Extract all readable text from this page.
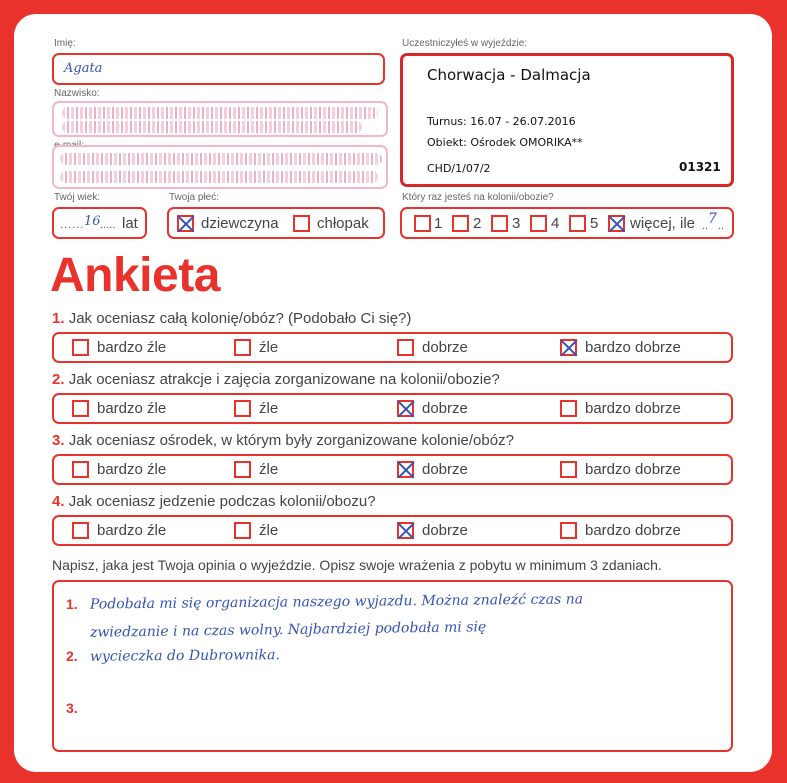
Imię:
Agata
Nazwisko:
Twój wiek:
...... 16 ..... lat
Twoja płeć:
dziewczyna	chłopak
Uczestniczyłeś w wyjeździe:
Chorwacja - Dalmacja
Turnus: 16.07 - 26.07.2016
Obiekt: Ośrodek OMORIKA**
CHD/1/07/2	01321
Który raz jesteś na kolonii/obozie?
1 2 3 4 5 więcej, ile .. 7 ..
Ankieta
1. Jak oceniasz całą kolonię/obóz? (Podobało Ci się?)
bardzo źle	źle	dobrze	bardzo dobrze
2. Jak oceniasz atrakcje i zajęcia zorganizowane na kolonii/obozie?
bardzo źle	źle	dobrze	bardzo dobrze
3. Jak oceniasz ośrodek, w którym były zorganizowane kolonie/obóz?
bardzo źle	źle	dobrze	bardzo dobrze
4. Jak oceniasz jedzenie podczas kolonii/obozu?
bardzo źle	źle	dobrze	bardzo dobrze
Napisz, jaka jest Twoja opinia o wyjeździe. Opisz swoje wrażenia z pobytu w minimum 3 zdaniach.
1.
2.
3.
Podobała mi się organizacja naszego wyjazdu. Można znaleźć czas na
zwiedzanie i na czas wolny. Najbardziej podobała mi się
wycieczka do Dubrownika.
